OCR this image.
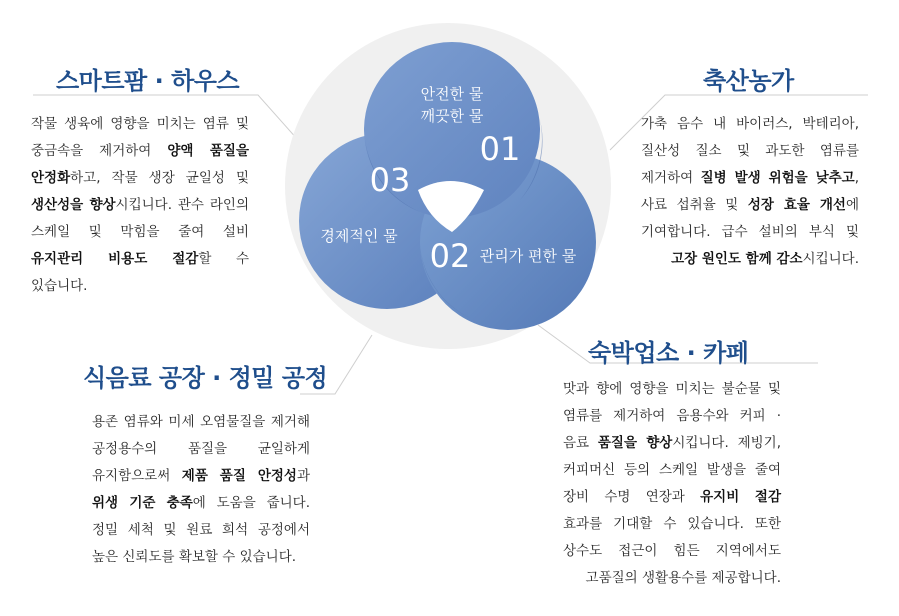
안전한 물
깨끗한 물
01
03
경제적인 물
02 관리가 편한 물
스마트팜 · 하우스	축산농가
식음료 공장 · 정밀 공정
숙박업소 · 카페

작물 생육에 영향을 미치는 염류 및

중금속을 제거하여 양액 품질을

안정화하고, 작물 생장 균일성 및

생산성을 향상시킵니다. 관수 라인의

스케일 및 막힘을 줄여 설비

유지관리 비용도 절감할 수

있습니다.

가축 음수 내 바이러스, 박테리아,

질산성 질소 및 과도한 염류를

제거하여 질병 발생 위험을 낮추고,

사료 섭취율 및 성장 효율 개선에

기여합니다. 급수 설비의 부식 및

고장 원인도 함께 감소시킵니다.

용존 염류와 미세 오염물질을 제거해

공정용수의 품질을 균일하게

유지함으로써 제품 품질 안정성과

위생 기준 충족에 도움을 줍니다.

정밀 세척 및 원료 희석 공정에서

높은 신뢰도를 확보할 수 있습니다.

맛과 향에 영향을 미치는 불순물 및

염류를 제거하여 음용수와 커피 ·

음료 품질을 향상시킵니다. 제빙기,

커피머신 등의 스케일 발생을 줄여

장비 수명 연장과 유지비 절감

효과를 기대할 수 있습니다. 또한

상수도 접근이 힘든 지역에서도

고품질의 생활용수를 제공합니다.
